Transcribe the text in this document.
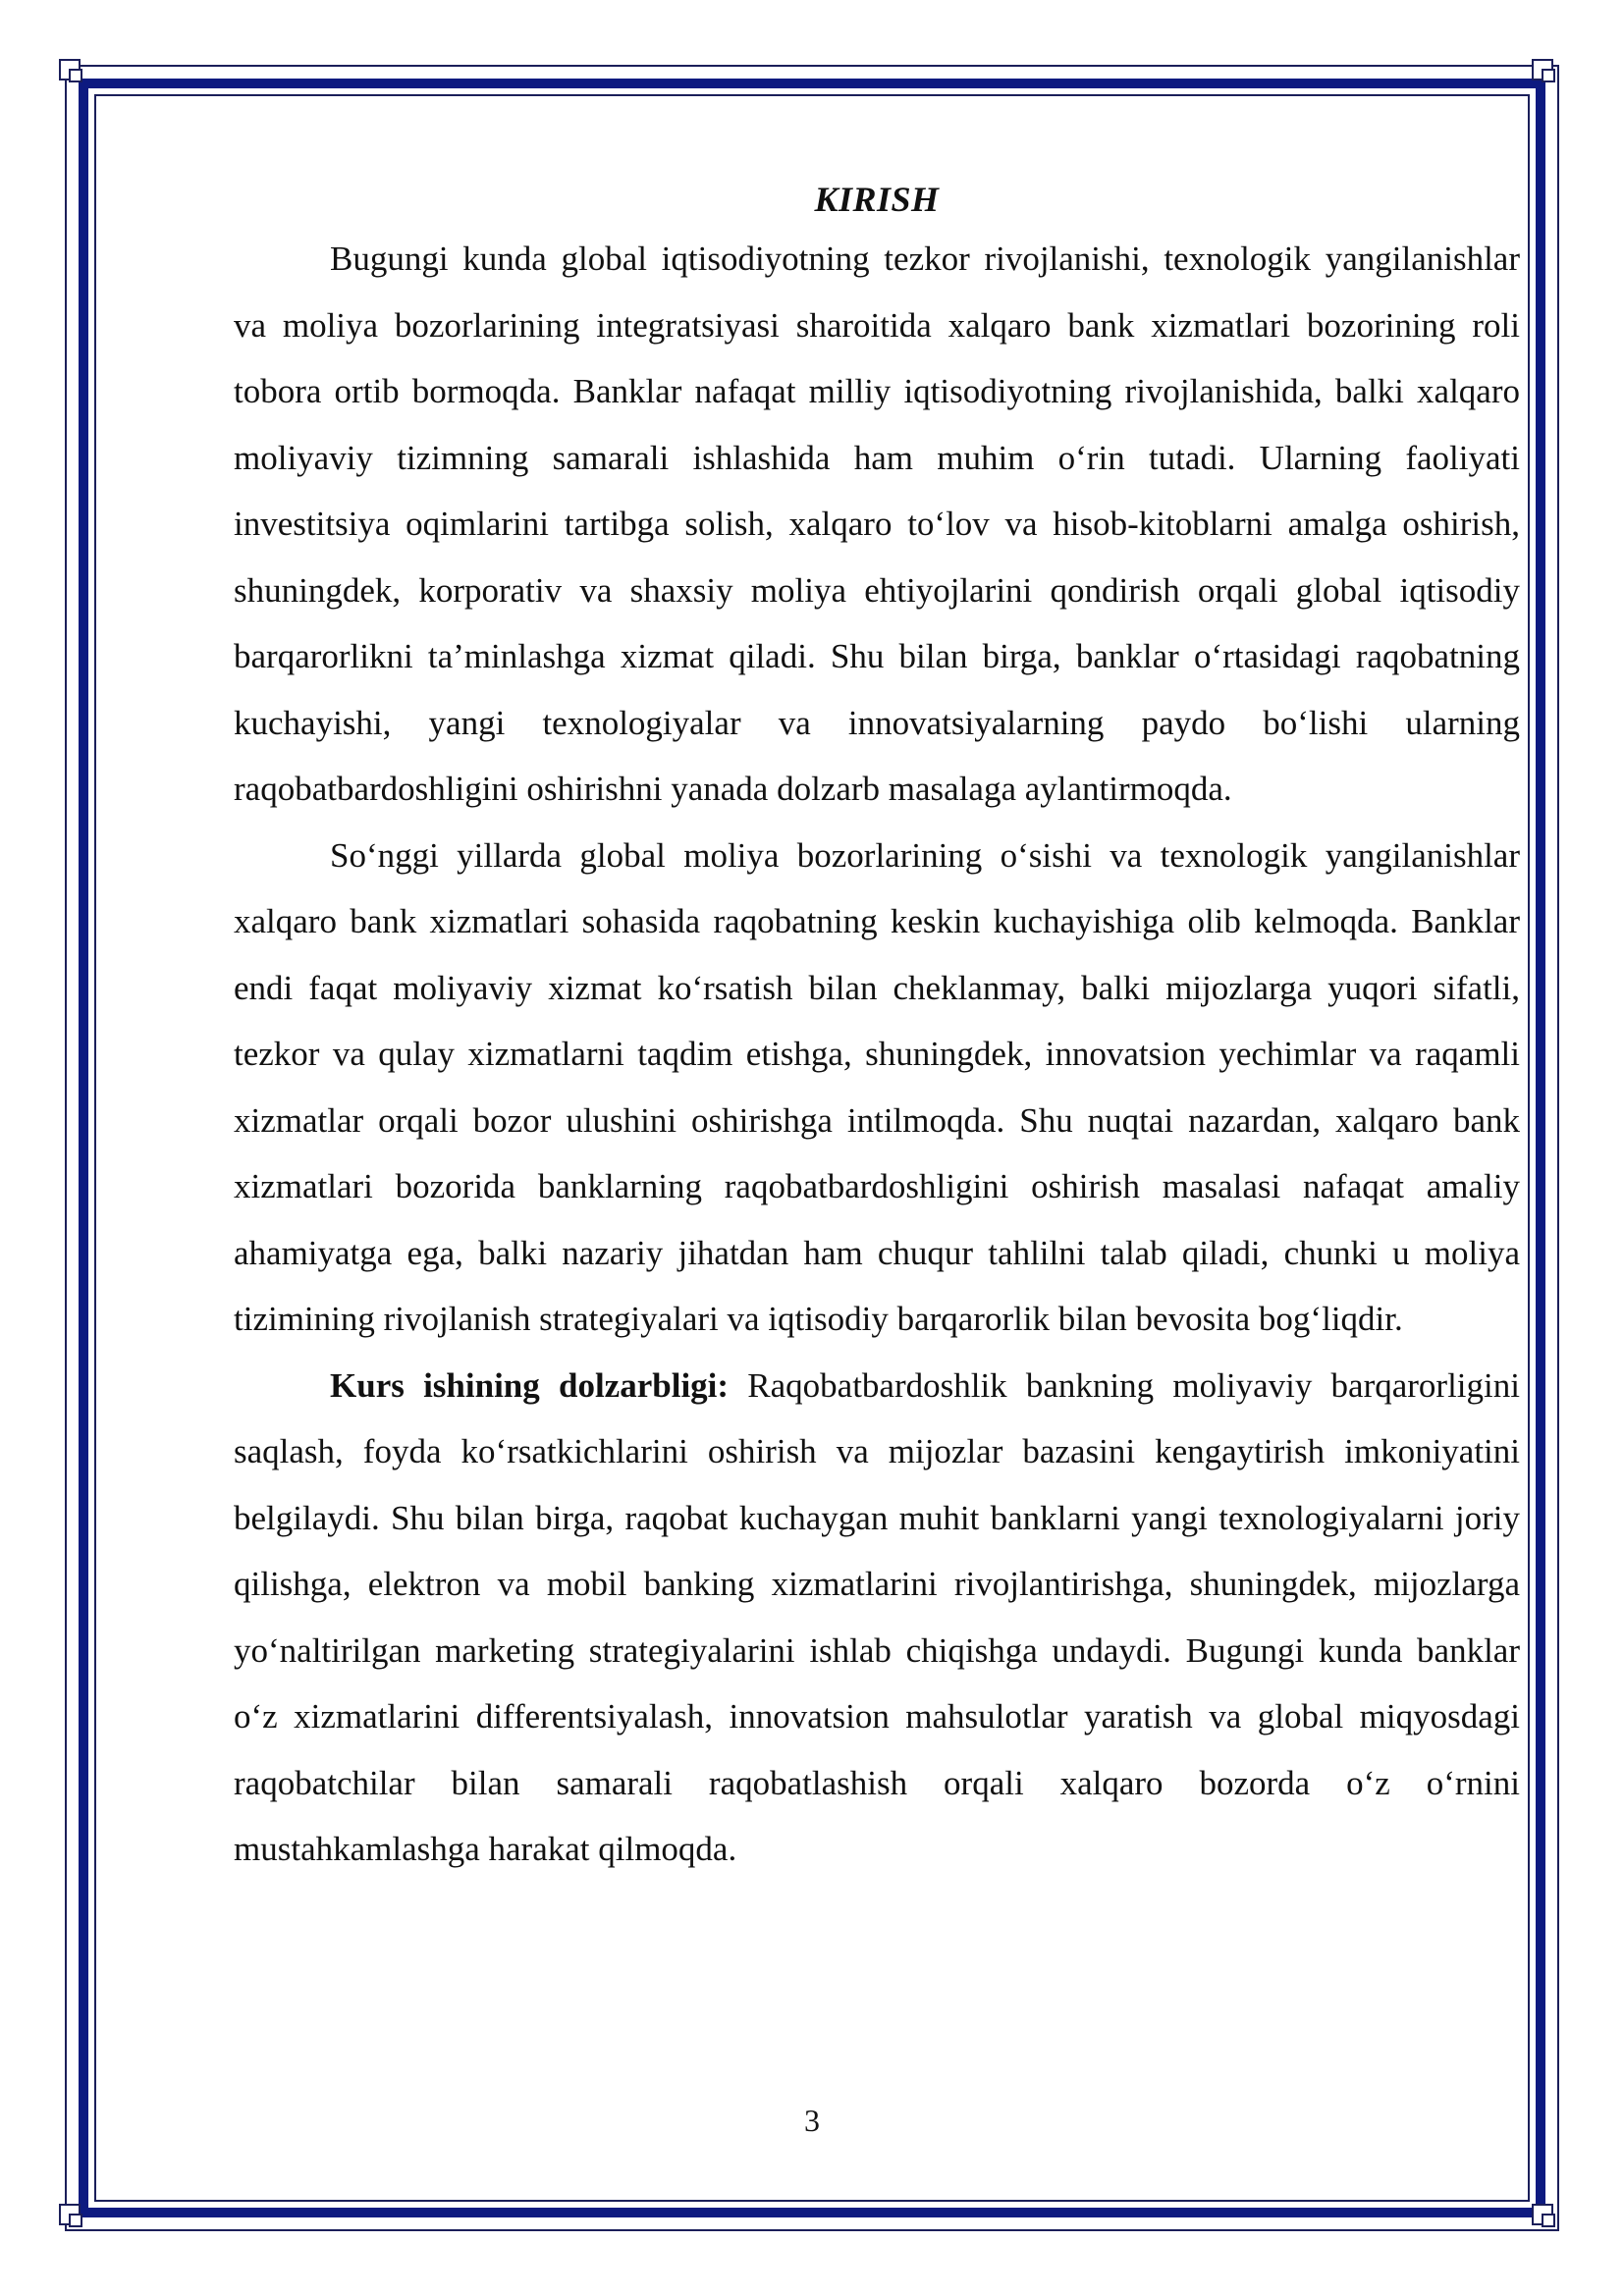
KIRISH

Bugungi kunda global iqtisodiyotning tezkor rivojlanishi, texnologik yangilanishlar va moliya bozorlarining integratsiyasi sharoitida xalqaro bank xizmatlari bozorining roli tobora ortib bormoqda. Banklar nafaqat milliy iqtisodiyotning rivojlanishida, balki xalqaro moliyaviy tizimning samarali ishlashida ham muhim o‘rin tutadi. Ularning faoliyati investitsiya oqimlarini tartibga solish, xalqaro to‘lov va hisob-kitoblarni amalga oshirish, shuningdek, korporativ va shaxsiy moliya ehtiyojlarini qondirish orqali global iqtisodiy barqarorlikni ta’minlashga xizmat qiladi. Shu bilan birga, banklar o‘rtasidagi raqobatning kuchayishi, yangi texnologiyalar va innovatsiyalarning paydo bo‘lishi ularning raqobatbardoshligini oshirishni yanada dolzarb masalaga aylantirmoqda.

So‘nggi yillarda global moliya bozorlarining o‘sishi va texnologik yangilanishlar xalqaro bank xizmatlari sohasida raqobatning keskin kuchayishiga olib kelmoqda. Banklar endi faqat moliyaviy xizmat ko‘rsatish bilan cheklanmay, balki mijozlarga yuqori sifatli, tezkor va qulay xizmatlarni taqdim etishga, shuningdek, innovatsion yechimlar va raqamli xizmatlar orqali bozor ulushini oshirishga intilmoqda. Shu nuqtai nazardan, xalqaro bank xizmatlari bozorida banklarning raqobatbardoshligini oshirish masalasi nafaqat amaliy ahamiyatga ega, balki nazariy jihatdan ham chuqur tahlilni talab qiladi, chunki u moliya tizimining rivojlanish strategiyalari va iqtisodiy barqarorlik bilan bevosita bog‘liqdir.

Kurs ishining dolzarbligi: Raqobatbardoshlik bankning moliyaviy barqarorligini saqlash, foyda ko‘rsatkichlarini oshirish va mijozlar bazasini kengaytirish imkoniyatini belgilaydi. Shu bilan birga, raqobat kuchaygan muhit banklarni yangi texnologiyalarni joriy qilishga, elektron va mobil banking xizmatlarini rivojlantirishga, shuningdek, mijozlarga yo‘naltirilgan marketing strategiyalarini ishlab chiqishga undaydi. Bugungi kunda banklar o‘z xizmatlarini differentsiyalash, innovatsion mahsulotlar yaratish va global miqyosdagi raqobatchilar bilan samarali raqobatlashish orqali xalqaro bozorda o‘z o‘rnini mustahkamlashga harakat qilmoqda.

3
